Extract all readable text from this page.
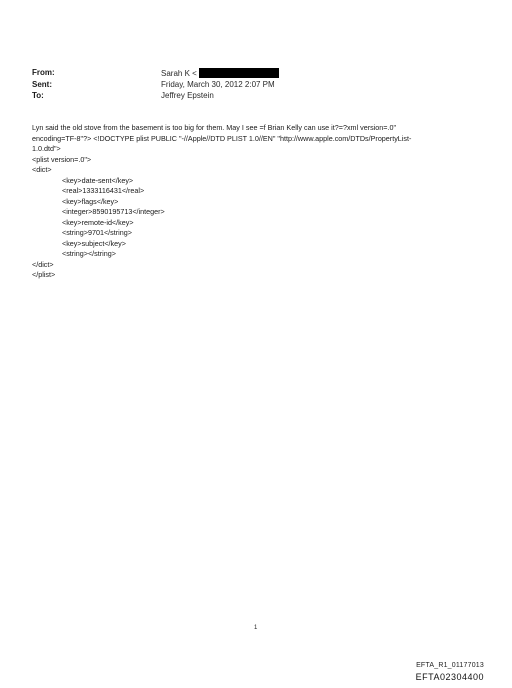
From:	Sarah K <
Sent:	Friday, March 30, 2012 2:07 PM
To:	Jeffrey Epstein
Lyn said the old stove from the basement is too big for them. May I see =f Brian Kelly can use it?=?xml version=.0"
encoding=TF-8"?> <!DOCTYPE plist PUBLIC "-//Apple//DTD PLIST 1.0//EN" "http://www.apple.com/DTDs/PropertyList-
1.0.dtd">
<plist version=.0">
<dict>
<key>date-sent</key>
<real>1333116431</real>
<key>flags</key>
<integer>8590195713</integer>
<key>remote-id</key>
<string>9701</string>
<key>subject</key>
<string></string>
</dict>
</plist>
1
EFTA_R1_01177013
EFTA02304400
